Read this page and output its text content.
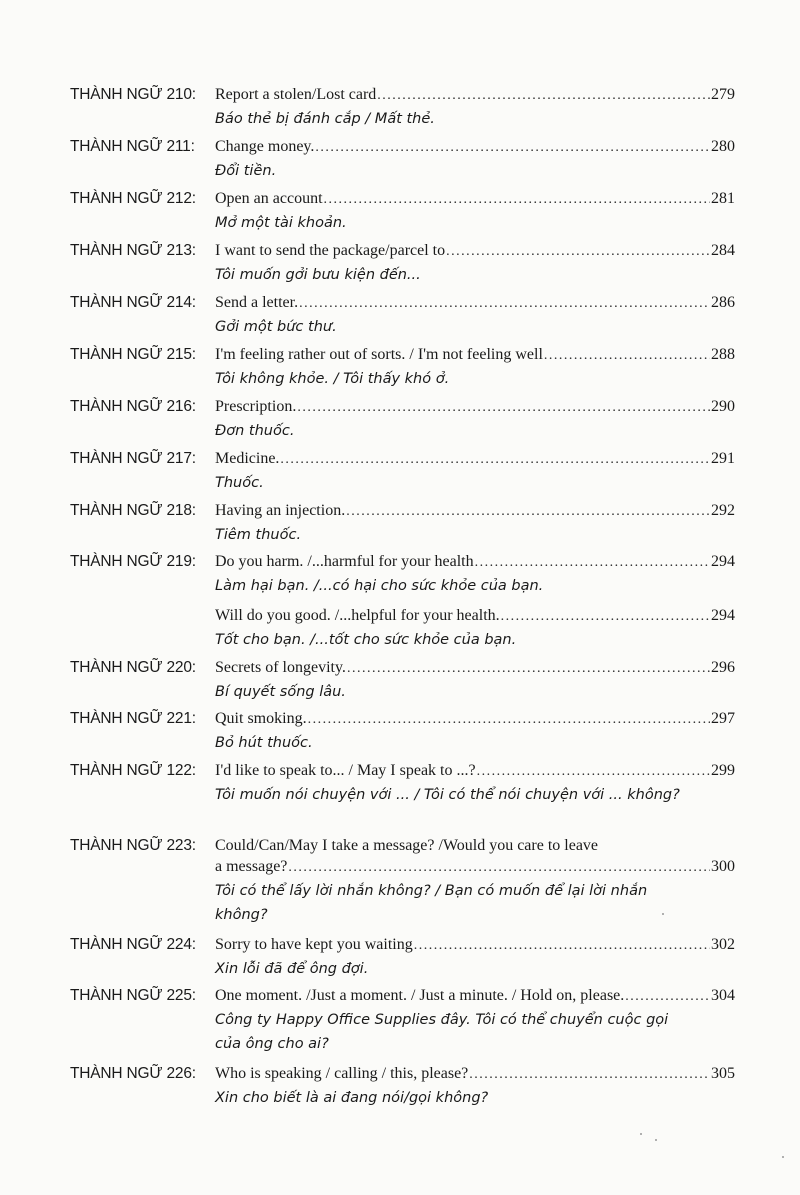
THÀNH NGỮ 210:	Report a stolen/Lost card .....	279
Báo thẻ bị đánh cắp / Mất thẻ.
THÀNH NGỮ 211:	Change money. .....	280
Đổi tiền.
THÀNH NGỮ 212:	Open an account .....	281
Mở một tài khoản.
THÀNH NGỮ 213:	I want to send the package/parcel to .....	284
Tôi muốn gởi bưu kiện đến...
THÀNH NGỮ 214:	Send a letter. .....	286
Gởi một bức thư.
THÀNH NGỮ 215:	I'm feeling rather out of sorts. / I'm not feeling well .....	288
Tôi không khỏe. / Tôi thấy khó ở.
THÀNH NGỮ 216:	Prescription. .....	290
Đơn thuốc.
THÀNH NGỮ 217:	Medicine. .....	291
Thuốc.
THÀNH NGỮ 218:	Having an injection. .....	292
Tiêm thuốc.
THÀNH NGỮ 219:	Do you harm. /...harmful for your health .....	294
Làm hại bạn. /...có hại cho sức khỏe của bạn.
Will do you good. /...helpful for your health. .....	294
Tốt cho bạn. /...tốt cho sức khỏe của bạn.
THÀNH NGỮ 220:	Secrets of longevity. .....	296
Bí quyết sống lâu.
THÀNH NGỮ 221:	Quit smoking. .....	297
Bỏ hút thuốc.
THÀNH NGỮ 122:	I'd like to speak to... / May I speak to ...? .....	299
Tôi muốn nói chuyện với ... / Tôi có thể nói chuyện với ... không?
THÀNH NGỮ 223:	Could/Can/May I take a message? /Would you care to leave
a message? .....	300
Tôi có thể lấy lời nhắn không? / Bạn có muốn để lại lời nhắn không?
THÀNH NGỮ 224:	Sorry to have kept you waiting .....	302
Xin lỗi đã để ông đợi.
THÀNH NGỮ 225:	One moment. /Just a moment. / Just a minute. / Hold on, please. .....	304
Công ty Happy Office Supplies đây. Tôi có thể chuyển cuộc gọi của ông cho ai?
THÀNH NGỮ 226:	Who is speaking / calling / this, please? .....	305
Xin cho biết là ai đang nói/gọi không?
